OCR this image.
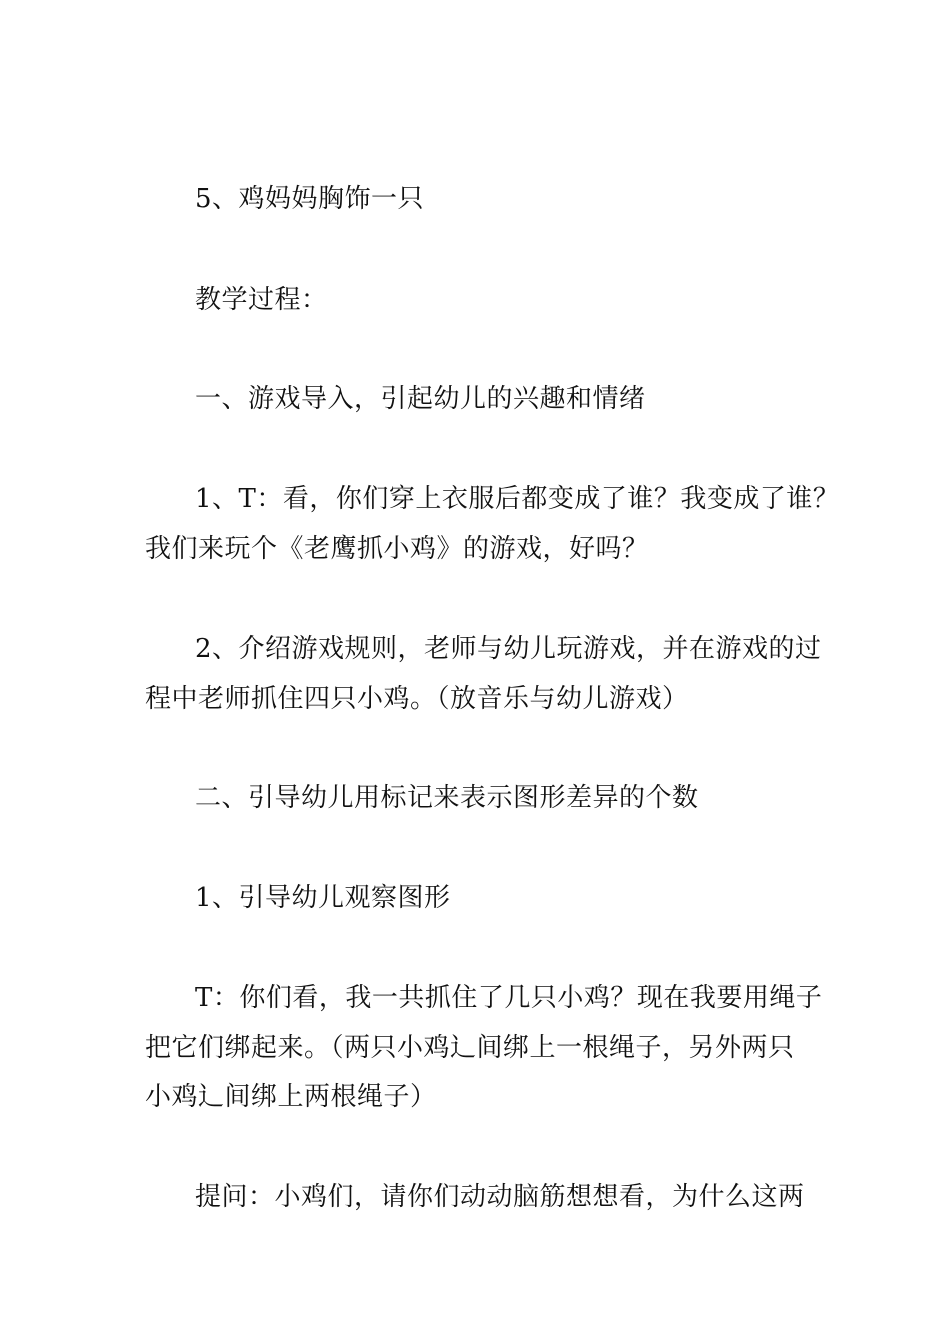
5、鸡妈妈胸饰一只
教学过程：
一、游戏导入，引起幼儿的兴趣和情绪
1、T：看，你们穿上衣服后都变成了谁？我变成了谁？
我们来玩个《老鹰抓小鸡》的游戏，好吗？
2、介绍游戏规则，老师与幼儿玩游戏，并在游戏的过
程中老师抓住四只小鸡。（放音乐与幼儿游戏）
二、引导幼儿用标记来表示图形差异的个数
1、引导幼儿观察图形
T：你们看，我一共抓住了几只小鸡？现在我要用绳子
把它们绑起来。（两只小鸡辶间绑上一根绳子，另外两只
小鸡辶间绑上两根绳子）
提问：小鸡们，请你们动动脑筋想想看，为什么这两
